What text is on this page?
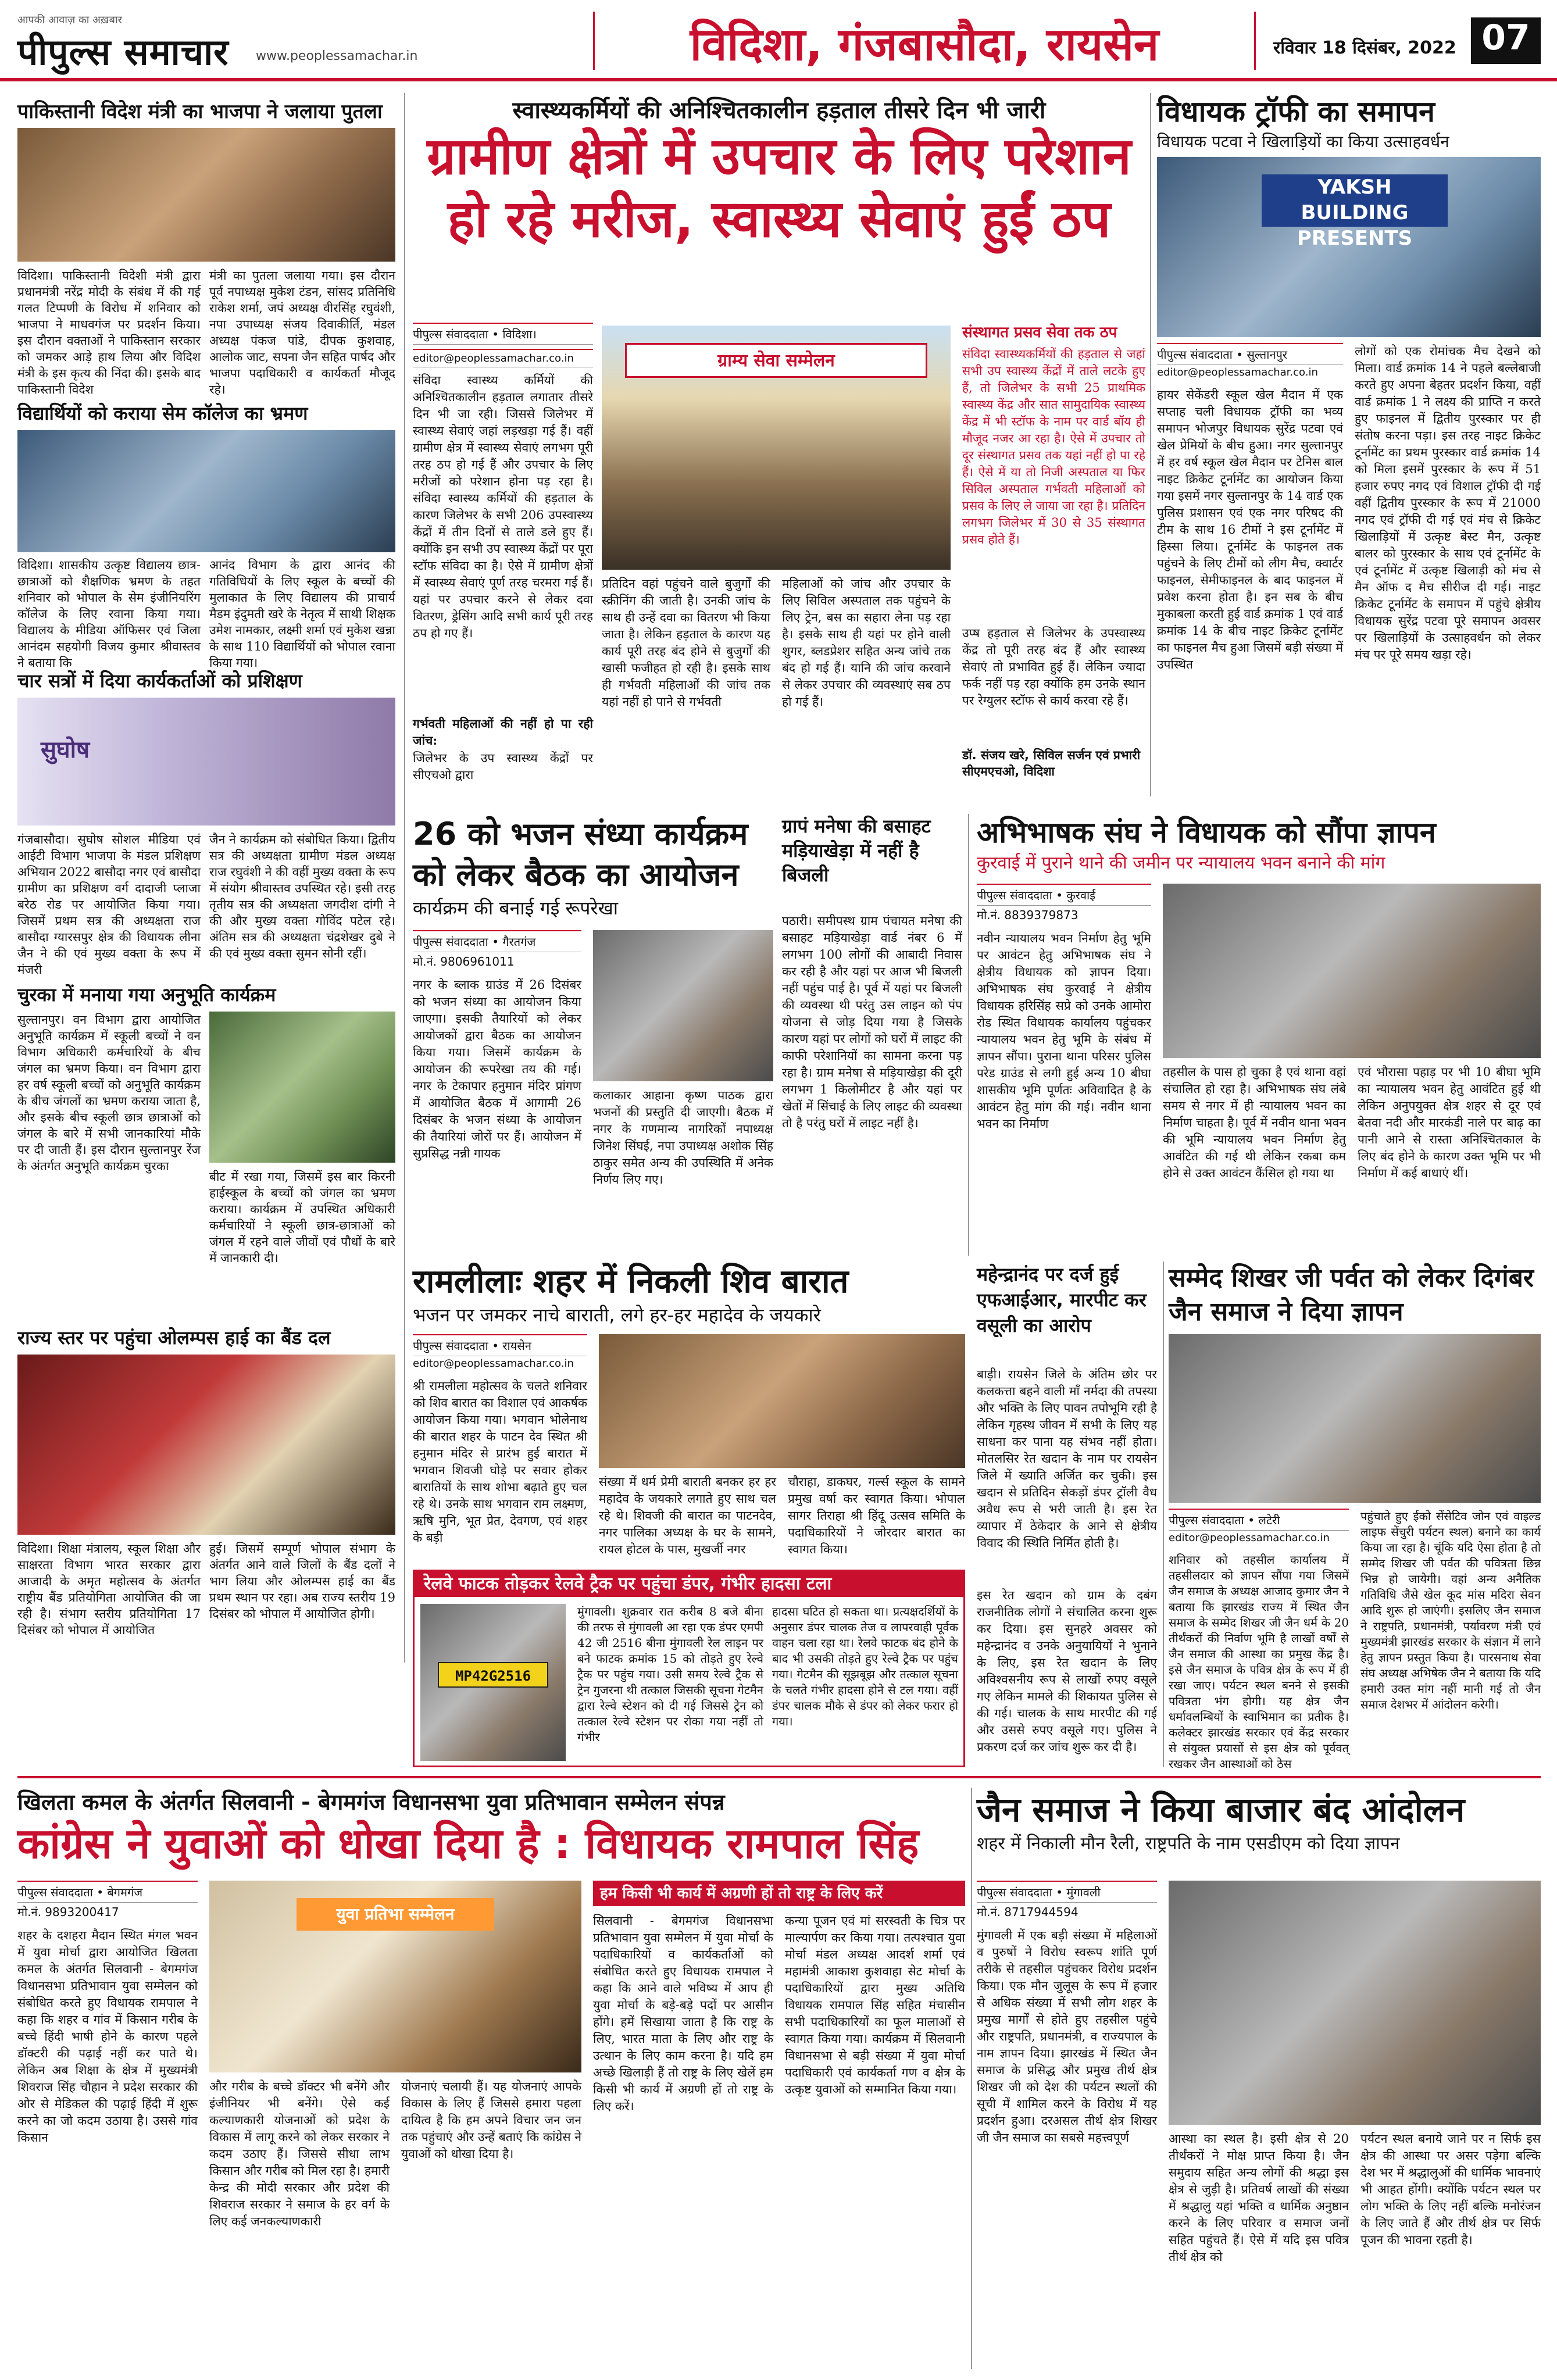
आपकी आवाज़ का अख़बार
पीपुल्स समाचार	www.peoplessamachar.in	विदिशा, गंजबासौदा, रायसेन	रविवार 18 दिसंबर, 2022 07
पाकिस्तानी विदेश मंत्री का भाजपा ने जलाया पुतला
विदिशा। पाकिस्तानी विदेशी मंत्री द्वारा प्रधानमंत्री नरेंद्र मोदी के संबंध में की गई गलत टिप्पणी के विरोध में शनिवार को भाजपा ने माधवगंज पर प्रदर्शन किया। इस दौरान वक्ताओं ने पाकिस्तान सरकार को जमकर आड़े हाथ लिया और विदिश मंत्री के इस कृत्य की निंदा की। इसके बाद पाकिस्तानी विदेश
मंत्री का पुतला जलाया गया। इस दौरान पूर्व नपाध्यक्ष मुकेश टंडन, सांसद प्रतिनिधि राकेश शर्मा, जपं अध्यक्ष वीरसिंह रघुवंशी, नपा उपाध्यक्ष संजय दिवाकीर्ति, मंडल अध्यक्ष पंकज पांडे, दीपक कुशवाह, आलोक जाट, सपना जैन सहित पार्षद और भाजपा पदाधिकारी व कार्यकर्ता मौजूद रहे।
विद्यार्थियों को कराया सेम कॉलेज का भ्रमण
विदिशा। शासकीय उत्कृष्ट विद्यालय छात्र-छात्राओं को शैक्षणिक भ्रमण के तहत शनिवार को भोपाल के सेम इंजीनियरिंग कॉलेज के लिए रवाना किया गया। विद्यालय के मीडिया ऑफिसर एवं जिला आनंदम सहयोगी विजय कुमार श्रीवास्तव ने बताया कि
आनंद विभाग के द्वारा आनंद की गतिविधियों के लिए स्कूल के बच्चों की मुलाकात के लिए विद्यालय की प्राचार्य मैडम इंदुमती खरे के नेतृत्व में साथी शिक्षक उमेश नामकार, लक्ष्मी शर्मा एवं मुकेश खन्ना के साथ 110 विद्यार्थियों को भोपाल रवाना किया गया।
चार सत्रों में दिया कार्यकर्ताओं को प्रशिक्षण
सुघोष
गंजबासौदा। सुघोष सोशल मीडिया एवं आईटी विभाग भाजपा के मंडल प्रशिक्षण अभियान 2022 बासौदा नगर एवं बासौदा ग्रामीण का प्रशिक्षण वर्ग दादाजी प्लाजा बरेठ रोड पर आयोजित किया गया। जिसमें प्रथम सत्र की अध्यक्षता राज बासौदा ग्यारसपुर क्षेत्र की विधायक लीना जैन ने की एवं मुख्य वक्ता के रूप में मंजरी
जैन ने कार्यक्रम को संबोधित किया। द्वितीय सत्र की अध्यक्षता ग्रामीण मंडल अध्यक्ष राज रघुवंशी ने की वहीं मुख्य वक्ता के रूप में संयोग श्रीवास्तव उपस्थित रहे। इसी तरह तृतीय सत्र की अध्यक्षता जगदीश दांगी ने की और मुख्य वक्ता गोविंद पटेल रहे। अंतिम सत्र की अध्यक्षता चंद्रशेखर दुबे ने की एवं मुख्य वक्ता सुमन सोनी रहीं।
चुरका में मनाया गया अनुभूति कार्यक्रम
सुल्तानपुर। वन विभाग द्वारा आयोजित अनुभूति कार्यक्रम में स्कूली बच्चों ने वन विभाग अधिकारी कर्मचारियों के बीच जंगल का भ्रमण किया। वन विभाग द्वारा हर वर्ष स्कूली बच्चों को अनुभूति कार्यक्रम के बीच जंगलों का भ्रमण कराया जाता है, और इसके बीच स्कूली छात्र छात्राओं को जंगल के बारे में सभी जानकारियां मौके पर दी जाती हैं। इस दौरान सुल्तानपुर रेंज के अंतर्गत अनुभूति कार्यक्रम चुरका
बीट में रखा गया, जिसमें इस बार किरनी हाईस्कूल के बच्चों को जंगल का भ्रमण कराया। कार्यक्रम में उपस्थित अधिकारी कर्मचारियों ने स्कूली छात्र-छात्राओं को जंगल में रहने वाले जीवों एवं पौधों के बारे में जानकारी दी।
राज्य स्तर पर पहुंचा ओलम्पस हाई का बैंड दल
विदिशा। शिक्षा मंत्रालय, स्कूल शिक्षा और साक्षरता विभाग भारत सरकार द्वारा आजादी के अमृत महोत्सव के अंतर्गत राष्ट्रीय बैंड प्रतियोगिता आयोजित की जा रही है। संभाग स्तरीय प्रतियोगिता 17 दिसंबर को भोपाल में आयोजित
हुई। जिसमें सम्पूर्ण भोपाल संभाग के अंतर्गत आने वाले जिलों के बैंड दलों ने भाग लिया और ओलम्पस हाई का बैंड प्रथम स्थान पर रहा। अब राज्य स्तरीय 19 दिसंबर को भोपाल में आयोजित होगी।
स्वास्थ्यकर्मियों की अनिश्चितकालीन हड़ताल तीसरे दिन भी जारी
ग्रामीण क्षेत्रों में उपचार के लिए परेशान
हो रहे मरीज, स्वास्थ्य सेवाएं हुईं ठप
पीपुल्स संवाददाता • विदिशा।
editor@peoplessamachar.co.in
संविदा स्वास्थ्य कर्मियों की अनिश्चितकालीन हड़ताल लगातार तीसरे दिन भी जा रही। जिससे जिलेभर में स्वास्थ्य सेवाएं जहां लड़खड़ा गई हैं। वहीं ग्रामीण क्षेत्र में स्वास्थ्य सेवाएं लगभग पूरी तरह ठप हो गई हैं और उपचार के लिए मरीजों को परेशान होना पड़ रहा है। संविदा स्वास्थ्य कर्मियों की हड़ताल के कारण जिलेभर के सभी 206 उपस्वास्थ्य केंद्रों में तीन दिनों से ताले डले हुए हैं। क्योंकि इन सभी उप स्वास्थ्य केंद्रों पर पूरा स्टॉफ संविदा का है। ऐसे में ग्रामीण क्षेत्रों में स्वास्थ्य सेवाएं पूर्ण तरह चरमरा गई हैं। यहां पर उपचार करने से लेकर दवा वितरण, ड्रेसिंग आदि सभी कार्य पूरी तरह ठप हो गए हैं।
गर्भवती महिलाओं की नहीं हो पा रही जांच:
जिलेभर के उप स्वास्थ्य केंद्रों पर सीएचओ द्वारा
ग्राम्य सेवा सम्मेलन
प्रतिदिन वहां पहुंचने वाले बुजुर्गों की स्क्रीनिंग की जाती है। उनकी जांच के साथ ही उन्हें दवा का वितरण भी किया जाता है। लेकिन हड़ताल के कारण यह कार्य पूरी तरह बंद होने से बुजुर्गों की खासी फजीहत हो रही है। इसके साथ ही गर्भवती महिलाओं की जांच तक यहां नहीं हो पाने से गर्भवती
महिलाओं को जांच और उपचार के लिए सिविल अस्पताल तक पहुंचने के लिए ट्रेन, बस का सहारा लेना पड़ रहा है। इसके साथ ही यहां पर होने वाली शुगर, ब्लडप्रेशर सहित अन्य जांचे तक बंद हो गई हैं। यानि की जांच करवाने से लेकर उपचार की व्यवस्थाएं सब ठप हो गई हैं।
संस्थागत प्रसव सेवा तक ठप
संविदा स्वास्थ्यकर्मियों की हड़ताल से जहां सभी उप स्वास्थ्य केंद्रों में ताले लटके हुए हैं, तो जिलेभर के सभी 25 प्राथमिक स्वास्थ्य केंद्र और सात सामुदायिक स्वास्थ्य केंद्र में भी स्टॉफ के नाम पर वार्ड बॉय ही मौजूद नजर आ रहा है। ऐसे में उपचार तो दूर संस्थागत प्रसव तक यहां नहीं हो पा रहे हैं। ऐसे में या तो निजी अस्पताल या फिर सिविल अस्पताल गर्भवती महिलाओं को प्रसव के लिए ले जाया जा रहा है। प्रतिदिन लगभग जिलेभर में 30 से 35 संस्थागत प्रसव होते हैं।
उप्ष हड़ताल से जिलेभर के उपस्वास्थ्य केंद्र तो पूरी तरह बंद हैं और स्वास्थ्य सेवाएं तो प्रभावित हुई हैं। लेकिन ज्यादा फर्क नहीं पड़ रहा क्योंकि हम उनके स्थान पर रेग्युलर स्टॉफ से कार्य करवा रहे हैं।
डॉ. संजय खरे, सिविल सर्जन एवं प्रभारी सीएमएचओ, विदिशा
26 को भजन संध्या कार्यक्रम
को लेकर बैठक का आयोजन
कार्यक्रम की बनाई गई रूपरेखा
पीपुल्स संवाददाता • गैरतगंज
मो.नं. 9806961011
नगर के ब्लाक ग्राउंड में 26 दिसंबर को भजन संध्या का आयोजन किया जाएगा। इसकी तैयारियों को लेकर आयोजकों द्वारा बैठक का आयोजन किया गया। जिसमें कार्यक्रम के आयोजन की रूपरेखा तय की गई। नगर के टेकापार हनुमान मंदिर प्रांगण में आयोजित बैठक में आगामी 26 दिसंबर के भजन संध्या के आयोजन की तैयारियां जोरों पर हैं। आयोजन में सुप्रसिद्ध नन्नी गायक
कलाकार आहाना कृष्ण पाठक द्वारा भजनों की प्रस्तुति दी जाएगी। बैठक में नगर के गणमान्य नागरिकों नपाध्यक्ष जिनेश सिंघई, नपा उपाध्यक्ष अशोक सिंह ठाकुर समेत अन्य की उपस्थिति में अनेक निर्णय लिए गए।
ग्रापं मनेषा की बसाहट मड़ियाखेड़ा में नहीं है बिजली
पठारी। समीपस्थ ग्राम पंचायत मनेषा की बसाहट मड़ियाखेड़ा वार्ड नंबर 6 में लगभग 100 लोगों की आबादी निवास कर रही है और यहां पर आज भी बिजली नहीं पहुंच पाई है। पूर्व में यहां पर बिजली की व्यवस्था थी परंतु उस लाइन को पंप योजना से जोड़ दिया गया है जिसके कारण यहां पर लोगों को घरों में लाइट की काफी परेशानियों का सामना करना पड़ रहा है। ग्राम मनेषा से मड़ियाखेड़ा की दूरी लगभग 1 किलोमीटर है और यहां पर खेतों में सिंचाई के लिए लाइट की व्यवस्था तो है परंतु घरों में लाइट नहीं है।
अभिभाषक संघ ने विधायक को सौंपा ज्ञापन
कुरवाई में पुराने थाने की जमीन पर न्यायालय भवन बनाने की मांग
पीपुल्स संवाददाता • कुरवाई
मो.नं. 8839379873
नवीन न्यायालय भवन निर्माण हेतु भूमि पर आवंटन हेतु अभिभाषक संघ ने क्षेत्रीय विधायक को ज्ञापन दिया। अभिभाषक संघ कुरवाई ने क्षेत्रीय विधायक हरिसिंह सप्रे को उनके आमोरा रोड स्थित विधायक कार्यालय पहुंचकर न्यायालय भवन हेतु भूमि के संबंध में ज्ञापन सौंपा। पुराना थाना परिसर पुलिस परेड ग्राउंड से लगी हुई अन्य 10 बीघा शासकीय भूमि पूर्णतः अविवादित है के आवंटन हेतु मांग की गई। नवीन थाना भवन का निर्माण
तहसील के पास हो चुका है एवं थाना वहां संचालित हो रहा है। अभिभाषक संघ लंबे समय से नगर में ही न्यायालय भवन का निर्माण चाहता है। पूर्व में नवीन थाना भवन की भूमि न्यायालय भवन निर्माण हेतु आवंटित की गई थी लेकिन रकबा कम होने से उक्त आवंटन कैंसिल हो गया था
एवं भौरासा पहाड़ पर भी 10 बीघा भूमि का न्यायालय भवन हेतु आवंटित हुई थी लेकिन अनुपयुक्त क्षेत्र शहर से दूर एवं बेतवा नदी और मारकंडी नाले पर बाढ़ का पानी आने से रास्ता अनिश्चितकाल के लिए बंद होने के कारण उक्त भूमि पर भी निर्माण में कई बाधाएं थीं।
विधायक ट्रॉफी का समापन
विधायक पटवा ने खिलाड़ियों का किया उत्साहवर्धन
YAKSH BUILDING PRESENTS
पीपुल्स संवाददाता • सुल्तानपुर
editor@peoplessamachar.co.in
हायर सेकेंडरी स्कूल खेल मैदान में एक सप्ताह चली विधायक ट्रॉफी का भव्य समापन भोजपुर विधायक सुरेंद्र पटवा एवं खेल प्रेमियों के बीच हुआ। नगर सुल्तानपुर में हर वर्ष स्कूल खेल मैदान पर टेनिस बाल नाइट क्रिकेट टूर्नामेंट का आयोजन किया गया इसमें नगर सुल्तानपुर के 14 वार्ड एक पुलिस प्रशासन एवं एक नगर परिषद की टीम के साथ 16 टीमों ने इस टूर्नामेंट में हिस्सा लिया। टूर्नामेंट के फाइनल तक पहुंचने के लिए टीमों को लीग मैच, क्वार्टर फाइनल, सेमीफाइनल के बाद फाइनल में प्रवेश करना होता है। इन सब के बीच मुकाबला करती हुई वार्ड क्रमांक 1 एवं वार्ड क्रमांक 14 के बीच नाइट क्रिकेट टूर्नामेंट का फाइनल मैच हुआ जिसमें बड़ी संख्या में उपस्थित
लोगों को एक रोमांचक मैच देखने को मिला। वार्ड क्रमांक 14 ने पहले बल्लेबाजी करते हुए अपना बेहतर प्रदर्शन किया, वहीं वार्ड क्रमांक 1 ने लक्ष्य की प्राप्ति न करते हुए फाइनल में द्वितीय पुरस्कार पर ही संतोष करना पड़ा। इस तरह नाइट क्रिकेट टूर्नामेंट का प्रथम पुरस्कार वार्ड क्रमांक 14 को मिला इसमें पुरस्कार के रूप में 51 हजार रुपए नगद एवं विशाल ट्रॉफी दी गई वहीं द्वितीय पुरस्कार के रूप में 21000 नगद एवं ट्रॉफी दी गई एवं मंच से क्रिकेट खिलाड़ियों में उत्कृष्ट बेस्ट मैन, उत्कृष्ट बालर को पुरस्कार के साथ एवं टूर्नामेंट के एवं टूर्नामेंट में उत्कृष्ट खिलाड़ी को मंच से मैन ऑफ द मैच सीरीज दी गई। नाइट क्रिकेट टूर्नामेंट के समापन में पहुंचे क्षेत्रीय विधायक सुरेंद्र पटवा पूरे समापन अवसर पर खिलाड़ियों के उत्साहवर्धन को लेकर मंच पर पूरे समय खड़ा रहे।
रामलीलाः शहर में निकली शिव बारात
भजन पर जमकर नाचे बाराती, लगे हर-हर महादेव के जयकारे
पीपुल्स संवाददाता • रायसेन
editor@peoplessamachar.co.in
श्री रामलीला महोत्सव के चलते शनिवार को शिव बारात का विशाल एवं आकर्षक आयोजन किया गया। भगवान भोलेनाथ की बारात शहर के पाटन देव स्थित श्री हनुमान मंदिर से प्रारंभ हुई बारात में भगवान शिवजी घोड़े पर सवार होकर बारातियों के साथ शोभा बढ़ाते हुए चल रहे थे। उनके साथ भगवान राम लक्ष्मण, ऋषि मुनि, भूत प्रेत, देवगण, एवं शहर के बड़ी
संख्या में धर्म प्रेमी बाराती बनकर हर हर महादेव के जयकारे लगाते हुए साथ चल रहे थे। शिवजी की बारात का पाटनदेव, नगर पालिका अध्यक्ष के घर के सामने, रायल होटल के पास, मुखर्जी नगर
चौराहा, डाकघर, गर्ल्स स्कूल के सामने प्रमुख वर्षा कर स्वागत किया। भोपाल सागर तिराहा श्री हिंदू उत्सव समिति के पदाधिकारियों ने जोरदार बारात का स्वागत किया।
रेलवे फाटक तोड़कर रेलवे ट्रैक पर पहुंचा डंपर, गंभीर हादसा टला
MP42G2516
मुंगावली। शुक्रवार रात करीब 8 बजे बीना की तरफ से मुंगावली आ रहा एक डंपर एमपी 42 जी 2516 बीना मुंगावली रेल लाइन पर बने फाटक क्रमांक 15 को तोड़ते हुए रेल्वे ट्रैक पर पहुंच गया। उसी समय रेल्वे ट्रैक से ट्रेन गुजरना थी तत्काल जिसकी सूचना गेटमैन द्वारा रेल्वे स्टेशन को दी गई जिससे ट्रेन को तत्काल रेल्वे स्टेशन पर रोका गया नहीं तो गंभीर
हादसा घटित हो सकता था। प्रत्यक्षदर्शियों के अनुसार डंपर चालक तेज व लापरवाही पूर्वक वाहन चला रहा था। रेलवे फाटक बंद होने के बाद भी उसकी तोड़ते हुए रेल्वे ट्रैक पर पहुंच गया। गेटमैन की सूझबूझ और तत्काल सूचना के चलते गंभीर हादसा होने से टल गया। वहीं डंपर चालक मौके से डंपर को लेकर फरार हो गया।
महेन्द्रानंद पर दर्ज हुई एफआईआर, मारपीट कर वसूली का आरोप
बाड़ी। रायसेन जिले के अंतिम छोर पर कलकत्ता बहने वाली माँ नर्मदा की तपस्या और भक्ति के लिए पावन तपोभूमि रही है लेकिन गृहस्थ जीवन में सभी के लिए यह साधना कर पाना यह संभव नहीं होता। मोतलसिर रेत खदान के नाम पर रायसेन जिले में ख्याति अर्जित कर चुकी। इस खदान से प्रतिदिन सेकड़ों डंपर ट्रॉली वैध अवैध रूप से भरी जाती है। इस रेत व्यापार में ठेकेदार के आने से क्षेत्रीय विवाद की स्थिति निर्मित होती है।
इस रेत खदान को ग्राम के दबंग राजनीतिक लोगों ने संचालित करना शुरू कर दिया। इस सुनहरे अवसर को महेन्द्रानंद व उनके अनुयायियों ने भुनाने के लिए, इस रेत खदान के लिए अविश्वसनीय रूप से लाखों रुपए वसूले गए लेकिन मामले की शिकायत पुलिस से की गई। चालक के साथ मारपीट की गई और उससे रुपए वसूले गए। पुलिस ने प्रकरण दर्ज कर जांच शुरू कर दी है।
सम्मेद शिखर जी पर्वत को लेकर दिगंबर जैन समाज ने दिया ज्ञापन
पीपुल्स संवाददाता • लटेरी
editor@peoplessamachar.co.in
शनिवार को तहसील कार्यालय में तहसीलदार को ज्ञापन सौंपा गया जिसमें जैन समाज के अध्यक्ष आजाद कुमार जैन ने बताया कि झारखंड राज्य में स्थित जैन समाज के सम्मेद शिखर जी जैन धर्म के 20 तीर्थंकरों की निर्वाण भूमि है लाखों वर्षों से जैन समाज की आस्था का प्रमुख केंद्र है। इसे जैन समाज के पवित्र क्षेत्र के रूप में ही रखा जाए। पर्यटन स्थल बनने से इसकी पवित्रता भंग होगी। यह क्षेत्र जैन धर्मावलम्बियों के स्वाभिमान का प्रतीक है। कलेक्टर झारखंड सरकार एवं केंद्र सरकार से संयुक्त प्रयासों से इस क्षेत्र को पूर्ववत् रखकर जैन आस्थाओं को ठेस
पहुंचाते हुए ईको सेंसेटिव जोन एवं वाइल्ड लाइफ सेंचुरी पर्यटन स्थल) बनाने का कार्य किया जा रहा है। चूंकि यदि ऐसा होता है तो सम्मेद शिखर जी पर्वत की पवित्रता छिन्न भिन्न हो जायेगी। वहां अन्य अनैतिक गतिविधि जैसे खेल कूद मांस मदिरा सेवन आदि शुरू हो जाएंगी। इसलिए जैन समाज ने राष्ट्रपति, प्रधानमंत्री, पर्यावरण मंत्री एवं मुख्यमंत्री झारखंड सरकार के संज्ञान में लाने हेतु ज्ञापन प्रस्तुत किया है। पारसनाथ सेवा संघ अध्यक्ष अभिषेक जैन ने बताया कि यदि हमारी उक्त मांग नहीं मानी गई तो जैन समाज देशभर में आंदोलन करेगी।
खिलता कमल के अंतर्गत सिलवानी - बेगमगंज विधानसभा युवा प्रतिभावान सम्मेलन संपन्न
कांग्रेस ने युवाओं को धोखा दिया है : विधायक रामपाल सिंह
पीपुल्स संवाददाता • बेगमगंज
मो.नं. 9893200417
शहर के दशहरा मैदान स्थित मंगल भवन में युवा मोर्चा द्वारा आयोजित खिलता कमल के अंतर्गत सिलवानी - बेगमगंज विधानसभा प्रतिभावान युवा सम्मेलन को संबोधित करते हुए विधायक रामपाल ने कहा कि शहर व गांव में किसान गरीब के बच्चे हिंदी भाषी होने के कारण पहले डॉक्टरी की पढ़ाई नहीं कर पाते थे। लेकिन अब शिक्षा के क्षेत्र में मुख्यमंत्री शिवराज सिंह चौहान ने प्रदेश सरकार की ओर से मेडिकल की पढ़ाई हिंदी में शुरू करने का जो कदम उठाया है। उससे गांव किसान
युवा प्रतिभा सम्मेलन
और गरीब के बच्चे डॉक्टर भी बनेंगे और इंजीनियर भी बनेंगे। ऐसे कई कल्याणकारी योजनाओं को प्रदेश के विकास में लागू करने को लेकर सरकार ने कदम उठाए हैं। जिससे सीधा लाभ किसान और गरीब को मिल रहा है। हमारी केन्द्र की मोदी सरकार और प्रदेश की शिवराज सरकार ने समाज के हर वर्ग के लिए कई जनकल्याणकारी
योजनाएं चलायी हैं। यह योजनाएं आपके विकास के लिए हैं जिससे हमारा पहला दायित्व है कि हम अपने विचार जन जन तक पहुंचाएं और उन्हें बताएं कि कांग्रेस ने युवाओं को धोखा दिया है।
हम किसी भी कार्य में अग्रणी हों तो राष्ट्र के लिए करें
सिलवानी - बेगमगंज विधानसभा प्रतिभावान युवा सम्मेलन में युवा मोर्चा के पदाधिकारियों व कार्यकर्ताओं को संबोधित करते हुए विधायक रामपाल ने कहा कि आने वाले भविष्य में आप ही युवा मोर्चा के बड़े-बड़े पदों पर आसीन होंगे। हमें सिखाया जाता है कि राष्ट्र के लिए, भारत माता के लिए और राष्ट्र के उत्थान के लिए काम करना है। यदि हम अच्छे खिलाड़ी हैं तो राष्ट्र के लिए खेलें हम किसी भी कार्य में अग्रणी हों तो राष्ट्र के लिए करें।
कन्या पूजन एवं मां सरस्वती के चित्र पर माल्यार्पण कर किया गया। तत्पश्चात युवा मोर्चा मंडल अध्यक्ष आदर्श शर्मा एवं महामंत्री आकाश कुशवाहा सेट मोर्चा के पदाधिकारियों द्वारा मुख्य अतिथि विधायक रामपाल सिंह सहित मंचासीन सभी पदाधिकारियों का फूल मालाओं से स्वागत किया गया। कार्यक्रम में सिलवानी विधानसभा से बड़ी संख्या में युवा मोर्चा पदाधिकारी एवं कार्यकर्ता गण व क्षेत्र के उत्कृष्ट युवाओं को सम्मानित किया गया।
जैन समाज ने किया बाजार बंद आंदोलन
शहर में निकाली मौन रैली, राष्ट्रपति के नाम एसडीएम को दिया ज्ञापन
पीपुल्स संवाददाता • मुंगावली
मो.नं. 8717944594
मुंगावली में एक बड़ी संख्या में महिलाओं व पुरुषों ने विरोध स्वरूप शांति पूर्ण तरीके से तहसील पहुंचकर विरोध प्रदर्शन किया। एक मौन जुलूस के रूप में हजार से अधिक संख्या में सभी लोग शहर के प्रमुख मार्गों से होते हुए तहसील पहुंचे और राष्ट्रपति, प्रधानमंत्री, व राज्यपाल के नाम ज्ञापन दिया। झारखंड में स्थित जैन समाज के प्रसिद्ध और प्रमुख तीर्थ क्षेत्र शिखर जी को देश की पर्यटन स्थलों की सूची में शामिल करने के विरोध में यह प्रदर्शन हुआ। दरअसल तीर्थ क्षेत्र शिखर जी जैन समाज का सबसे महत्त्वपूर्ण	आस्था का स्थल है। इसी क्षेत्र से 20 तीर्थंकरों ने मोक्ष प्राप्त किया है। जैन समुदाय सहित अन्य लोगों की श्रद्धा इस क्षेत्र से जुड़ी है। प्रतिवर्ष लाखों की संख्या में श्रद्धालु यहां भक्ति व धार्मिक अनुष्ठान करने के लिए परिवार व समाज जनों सहित पहुंचते हैं। ऐसे में यदि इस पवित्र तीर्थ क्षेत्र को
पर्यटन स्थल बनाये जाने पर न सिर्फ इस क्षेत्र की आस्था पर असर पड़ेगा बल्कि देश भर में श्रद्धालुओं की धार्मिक भावनाएं भी आहत होंगी। क्योंकि पर्यटन स्थल पर लोग भक्ति के लिए नहीं बल्कि मनोरंजन के लिए जाते हैं और तीर्थ क्षेत्र पर सिर्फ पूजन की भावना रहती है।
